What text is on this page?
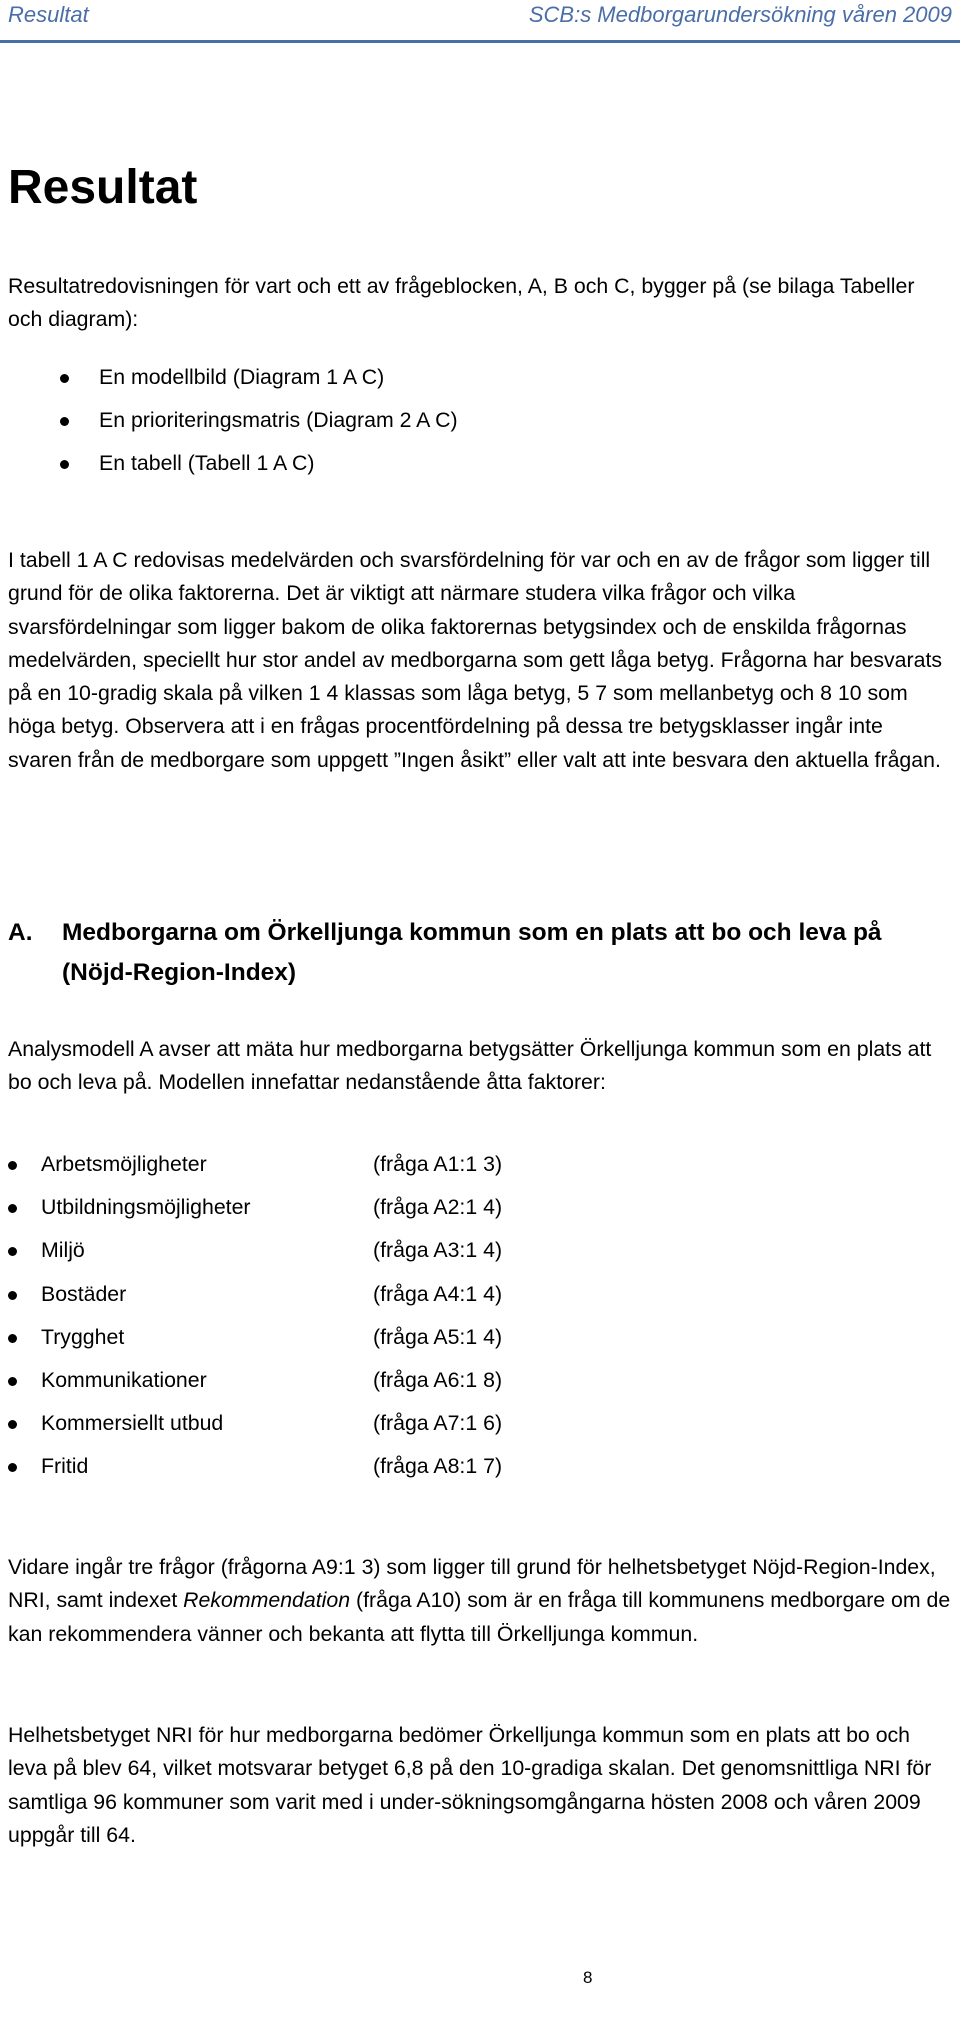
Resultat	SCB:s Medborgarundersökning våren 2009
Resultat

Resultatredovisningen för vart och ett av frågeblocken, A, B och C, bygger på (se bilaga Tabeller och diagram):

En modellbild (Diagram 1 A C)
En prioriteringsmatris (Diagram 2 A C)
En tabell (Tabell 1 A C)

I tabell 1 A C redovisas medelvärden och svarsfördelning för var och en av de frågor som ligger till grund för de olika faktorerna. Det är viktigt att närmare studera vilka frågor och vilka svarsfördelningar som ligger bakom de olika faktorernas betygsindex och de enskilda frågornas medelvärden, speciellt hur stor andel av medborgarna som gett låga betyg. Frågorna har besvarats på en 10-gradig skala på vilken 1 4 klassas som låga betyg, 5 7 som mellanbetyg och 8 10 som höga betyg. Observera att i en frågas procentfördelning på dessa tre betygsklasser ingår inte svaren från de medborgare som uppgett ”Ingen åsikt” eller valt att inte besvara den aktuella frågan.

A. Medborgarna om Örkelljunga kommun som en plats att bo och leva på (Nöjd-Region-Index)

Analysmodell A avser att mäta hur medborgarna betygsätter Örkelljunga kommun som en plats att bo och leva på. Modellen innefattar nedanstående åtta faktorer:

Arbetsmöjligheter	(fråga A1:1 3)
Utbildningsmöjligheter	(fråga A2:1 4)
Miljö	(fråga A3:1 4)
Bostäder	(fråga A4:1 4)
Trygghet	(fråga A5:1 4)
Kommunikationer	(fråga A6:1 8)
Kommersiellt utbud	(fråga A7:1 6)
Fritid	(fråga A8:1 7)

Vidare ingår tre frågor (frågorna A9:1 3) som ligger till grund för helhetsbetyget Nöjd-Region-Index, NRI, samt indexet Rekommendation (fråga A10) som är en fråga till kommunens medborgare om de kan rekommendera vänner och bekanta att flytta till Örkelljunga kommun.

Helhetsbetyget NRI för hur medborgarna bedömer Örkelljunga kommun som en plats att bo och leva på blev 64, vilket motsvarar betyget 6,8 på den 10-gradiga skalan. Det genomsnittliga NRI för samtliga 96 kommuner som varit med i under-sökningsomgångarna hösten 2008 och våren 2009 uppgår till 64.

8
